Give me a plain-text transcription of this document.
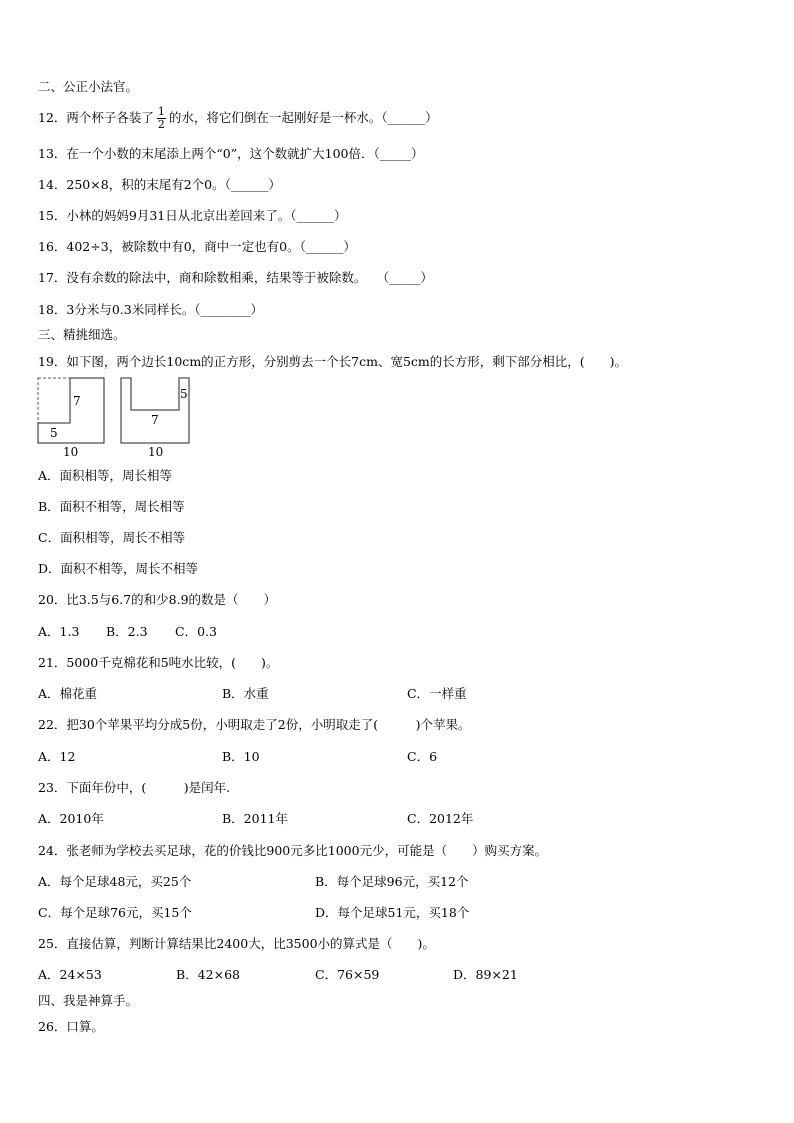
二、公正小法官。
12．两个杯子各装了 $\frac{1}{2}$ 的水，将它们倒在一起刚好是一杯水。（______）
13．在一个小数的末尾添上两个“0”，这个数就扩大100倍．（_____）
14．250×8，积的末尾有2个0。（______）
15．小林的妈妈9月31日从北京出差回来了。（______）
16．402÷3，被除数中有0，商中一定也有0。（______）
17．没有余数的除法中，商和除数相乘，结果等于被除数。　 （_____）
18．3分米与0.3米同样长。（________）
三、精挑细选。
19．如下图，两个边长10cm的正方形，分别剪去一个长7cm、宽5cm的长方形，剩下部分相比，(　　)。
7
5
10
5
7
10
A．面积相等，周长相等
B．面积不相等，周长相等
C．面积相等，周长不相等
D．面积不相等，周长不相等
20．比3.5与6.7的和少8.9的数是（　　）
A．1.3 B．2.3 C．0.3
21．5000千克棉花和5吨水比较，(　　)。
A．棉花重	B．水重	C．一样重
22．把30个苹果平均分成5份，小明取走了2份，小明取走了(　　　)个苹果。
A．12	B．10	C．6
23．下面年份中，(　　　)是闰年.
A．2010年	B．2011年	C．2012年
24．张老师为学校去买足球，花的价钱比900元多比1000元少，可能是（　　）购买方案。
A．每个足球48元，买25个	B．每个足球96元，买12个
C．每个足球76元，买15个	D．每个足球51元，买18个
25．直接估算，判断计算结果比2400大，比3500小的算式是（　　)。
A．24×53	B．42×68	C．76×59	D．89×21
四、我是神算手。
26．口算。
